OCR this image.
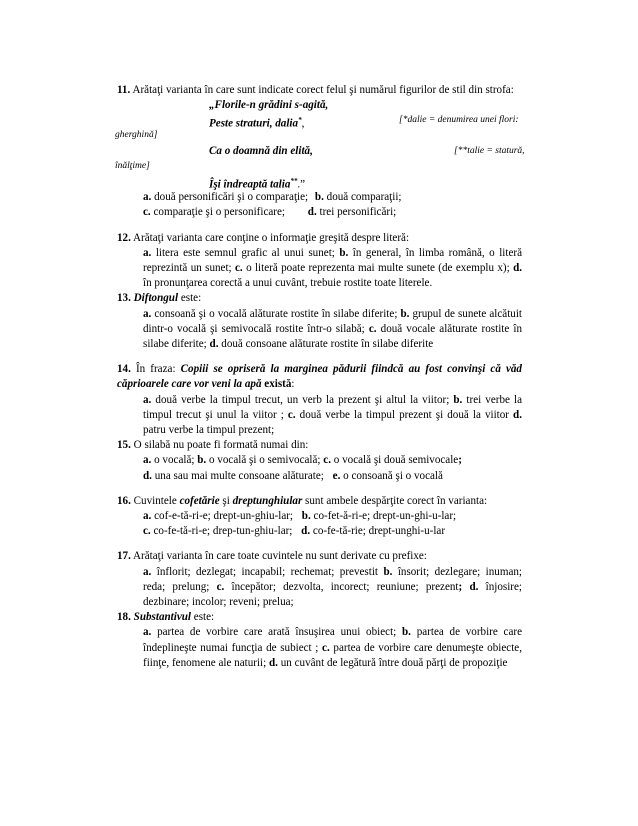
11. Arătaţi varianta în care sunt indicate corect felul şi numărul figurilor de stil din strofa:
„Florile-n grădini s-agită,
Peste straturi, dalia*,	[*dalie = denumirea unei flori:
gherghină]
Ca o doamnă din elită,	[**talie = statură,
înălţime]
Îşi îndreaptă talia**.”
a. două personificări şi o comparaţie; b. două comparaţii;
c. comparaţie şi o personificare; d. trei personificări;
12. Arătaţi varianta care conţine o informaţie greşită despre literă:
a. litera este semnul grafic al unui sunet; b. în general, în limba română, o literă reprezintă un sunet; c. o literă poate reprezenta mai multe sunete (de exemplu x); d. în pronunţarea corectă a unui cuvânt, trebuie rostite toate literele.
13. Diftongul este:
a. consoană şi o vocală alăturate rostite în silabe diferite; b. grupul de sunete alcătuit dintr-o vocală şi semivocală rostite într-o silabă; c. două vocale alăturate rostite în silabe diferite; d. două consoane alăturate rostite în silabe diferite
14. În fraza: Copiii se opriseră la marginea pădurii fiindcă au fost convinşi că văd căprioarele care vor veni la apă există:
a. două verbe la timpul trecut, un verb la prezent şi altul la viitor; b. trei verbe la timpul trecut şi unul la viitor ; c. două verbe la timpul prezent şi două la viitor d. patru verbe la timpul prezent;
15. O silabă nu poate fi formată numai din:
a. o vocală; b. o vocală şi o semivocală; c. o vocală şi două semivocale;
d. una sau mai multe consoane alăturate; e. o consoană şi o vocală
16. Cuvintele cofetărie şi dreptunghiular sunt ambele despărţite corect în varianta:
a. cof-e-tă-ri-e; drept-un-ghiu-lar; b. co-fet-ă-ri-e; drept-un-ghi-u-lar;
c. co-fe-tă-ri-e; drep-tun-ghiu-lar; d. co-fe-tă-rie; drept-unghi-u-lar
17. Arătaţi varianta în care toate cuvintele nu sunt derivate cu prefixe:
a. înflorit; dezlegat; incapabil; rechemat; prevestit b. însorit; dezlegare; inuman; reda; prelung; c. începător; dezvolta, incorect; reuniune; prezent; d. înjosire; dezbinare; incolor; reveni; prelua;
18. Substantivul este:
a. partea de vorbire care arată însuşirea unui obiect; b. partea de vorbire care îndeplineşte numai funcţia de subiect ; c. partea de vorbire care denumeşte obiecte, fiinţe, fenomene ale naturii; d. un cuvânt de legătură între două părţi de propoziţie
